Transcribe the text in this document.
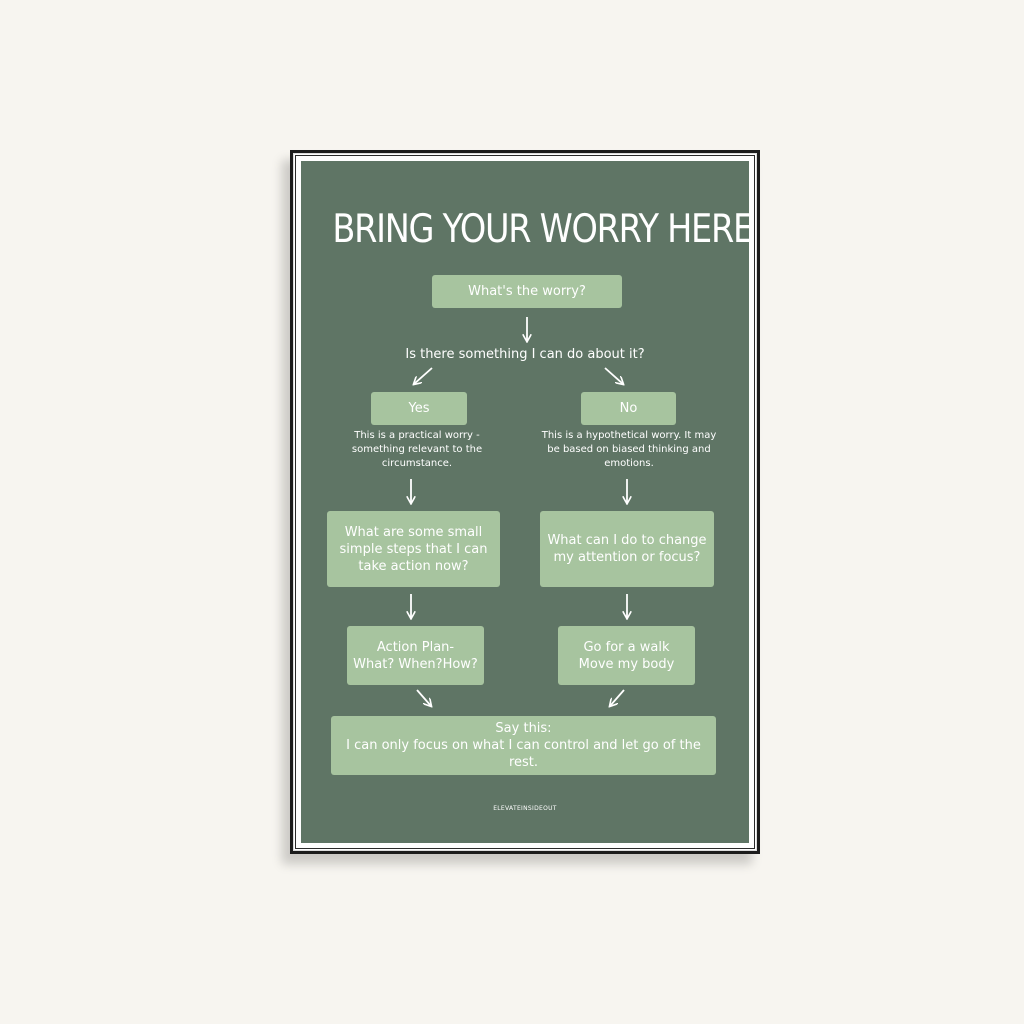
BRING YOUR WORRY HERE
What's the worry?
Is there something I can do about it?
Yes	No
This is a practical worry -
something relevant to the
circumstance.
This is a hypothetical worry. It may
be based on biased thinking and
emotions.
What are some small
simple steps that I can
take action now?
What can I do to change
my attention or focus?
Action Plan-
What? When?How?
Go for a walk
Move my body
Say this:
I can only focus on what I can control and let go of the rest.
ELEVATEINSIDEOUT
